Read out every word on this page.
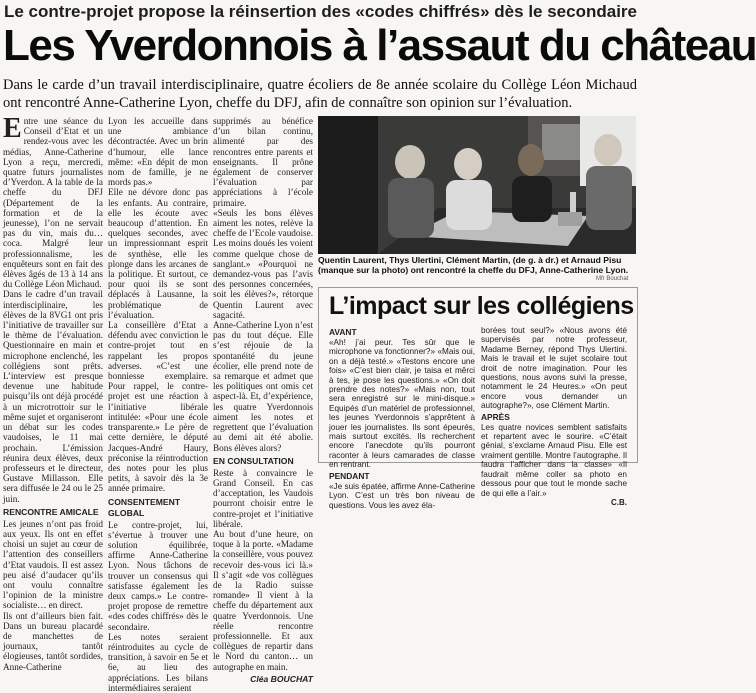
Le contre-projet propose la réinsertion des «codes chiffrés» dès le secondaire
Les Yverdonnois à l’assaut du château

Dans le carde d’un travail interdisciplinaire, quatre écoliers de 8e année scolaire du Collège Léon Michaud ont rencontré Anne-Catherine Lyon, cheffe du DFJ, afin de connaître son opinion sur l’évaluation.

E ntre une séance du Conseil d’Etat et un rendez-vous avec les médias, Anne-Catherine Lyon a reçu, mercredi, quatre futurs journalistes d’Yverdon. A la table de la cheffe du DFJ (Département de la formation et de la jeunesse), l’on ne servait pas du vin, mais du… coca. Malgré leur professionnalisme, les enquêteurs sont en fait des élèves âgés de 13 à 14 ans du Collège Léon Michaud.

Dans le cadre d’un travail interdisciplinaire, les élèves de la 8VG1 ont pris l’initiative de travailler sur le thème de l’évaluation. Questionnaire en main et microphone enclenché, les collégiens sont prêts. L’interview est presque devenue une habitude puisqu’ils ont déjà procédé à un microtrottoir sur le même sujet et organiseront un débat sur les codes vaudoises, le 11 mai prochain. L’émission réunira deux élèves, deux professeurs et le directeur, Gustave Millasson. Elle sera diffusée le 24 ou le 25 juin.

RENCONTRE AMICALE

Les jeunes n’ont pas froid aux yeux. Ils ont en effet choisi un sujet au cœur de l’attention des conseillers d’Etat vaudois. Il est assez peu aisé d’audacer qu’ils ont voulu connaître l’opinion de la ministre socialiste… en direct.

Ils ont d’ailleurs bien fait. Dans un bureau placardé de manchettes de journaux, tantôt élogieuses, tantôt sordides, Anne-Catherine

Lyon les accueille dans une ambiance décontractée. Avec un brin d’humour, elle lance même: «En dépit de mon nom de famille, je ne mords pas.»

Elle ne dévore donc pas les enfants. Au contraire, elle les écoute avec beaucoup d’attention. En quelques secondes, avec un impressionnant esprit de synthèse, elle les plonge dans les arcanes de la politique. Et surtout, ce pour quoi ils se sont déplacés à Lausanne, la problématique de l’évaluation.

La conseillère d’Etat a défendu avec conviction le contre-projet tout en rappelant les propos adverses. «C’est une bonniesse exemplaire. Pour rappel, le contre-projet est une réaction à l’initiative libérale intitulée: «Pour une école transparente.» Le père de cette dernière, le député Jacques-André Haury, préconise la réintroduction des notes pour les plus petits, à savoir dès la 3e année primaire.

CONSENTEMENT GLOBAL

Le contre-projet, lui, s’évertue à trouver une solution équilibrée, affirme Anne-Catherine Lyon. Nous tâchons de trouver un consensus qui satisfasse également les deux camps.» Le contre-projet propose de remettre «des codes chiffrés» dès le secondaire.

Les notes seraient réintroduites au cycle de transition, à savoir en 5e et 6e, au lieu des appréciations. Les bilans intermédiaires seraient

supprimés au bénéfice d’un bilan continu, alimenté par des rencontres entre parents et enseignants. Il prône également de conserver l’évaluation par appréciations à l’école primaire.

«Seuls les bons élèves aiment les notes, relève la cheffe de l’Ecole vaudoise. Les moins doués les voient comme quelque chose de sanglant.» «Pourquoi ne demandez-vous pas l’avis des personnes concernées, soit les élèves?», rétorque Quentin Laurent avec sagacité.

Anne-Catherine Lyon n’est pas du tout déçue. Elle s’est réjouie de la spontanéité du jeune écolier, elle prend note de sa remarque et admet que les politiques ont omis cet aspect-là. Et, d’expérience, les quatre Yverdonnois aiment les notes et regrettent que l’évaluation au demi ait été abolie. Bons élèves alors?

EN CONSULTATION

Reste à convaincre le Grand Conseil. En cas d’acceptation, les Vaudois pourront choisir entre le contre-projet et l’initiative libérale.

Au bout d’une heure, on toque à la porte. «Madame la conseillère, vous pouvez recevoir des-vous ici là.» Il s’agit «de vos collègues de la Radio suisse romande» Il vient à la cheffe du département aux quatre Yverdonnois. Une réelle rencontre professionnelle. Et aux collègues de repartir dans le Nord du canton… un autographe en main.

Cléa BOUCHAT
Quentin Laurent, Thys Ulertini, Clément Martin, (de g. à dr.) et Arnaud Pisu (manque sur la photo) ont rencontré la cheffe du DFJ, Anne-Catherine Lyon.
Mfr Bouchat
L’impact sur les collégiens
AVANT

«Ah! j’ai peur. Tes sûr que le microphone va fonctionner?» «Mais oui, on a déjà testé.» «Testons encore une fois» «C’est bien clair, je taisa et mêrci à tes, je pose les questions.» «On doit prendre des notes?» «Mais non, tout sera enregistré sur le mini-disque.» Equipés d’un matériel de professionnel, les jeunes Yverdonnois s’apprêtent à jouer les journalistes. Ils sont épeurés, mais surtout excités. Ils recherchent encore l’anecdote qu’ils pourront raconter à leurs camarades de classe en rentrant.

PENDANT

«Je suis épatée, affirme Anne-Catherine Lyon. C’est un très bon niveau de questions. Vous les avez éla-

borées tout seul?» «Nous avons été supervisés par notre professeur, Madame Berney, répond Thys Ulertini. Mais le travail et le sujet scolaire tout droit de notre imagination. Pour les questions, nous avons suivi la presse, notamment le 24 Heures.» «On peut encore vous demander un autographe?», ose Clément Martin.

APRÈS

Les quatre novices semblent satisfaits et repartent avec le sourire. «C’était génial, s’exclame Arnaud Pisu. Elle est vraiment gentille. Montre l’autographe. Il faudra l’afficher dans la classe» «Il faudrait même coller sa photo en dessous pour que tout le monde sache de qui elle a l’air.»

C.B.
